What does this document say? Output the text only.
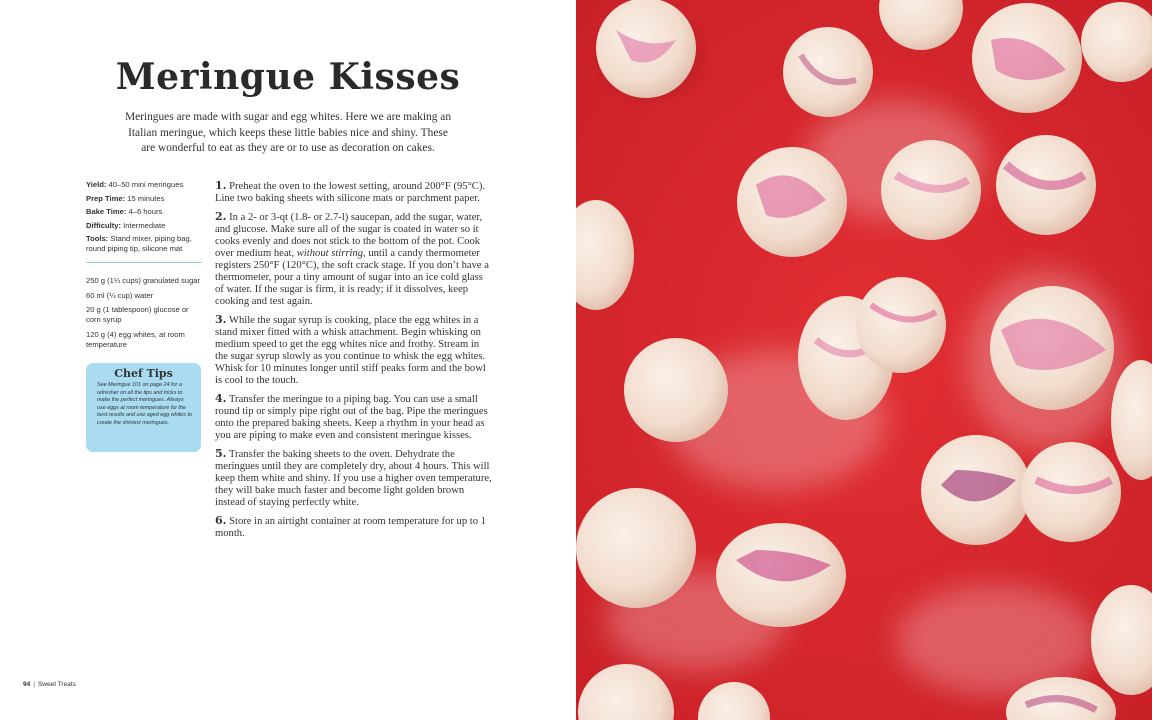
Meringue Kisses

Meringues are made with sugar and egg whites. Here we are making an Italian meringue, which keeps these little babies nice and shiny. These are wonderful to eat as they are or to use as decoration on cakes.

Yield: 40–50 mini meringues
Prep Time: 15 minutes
Bake Time: 4–6 hours
Difficulty: Intermediate
Tools: Stand mixer, piping bag, round piping tip, silicone mat
250 g (1¼ cups) granulated sugar
60 ml (¼ cup) water
20 g (1 tablespoon) glucose or corn syrup
120 g (4) egg whites, at room temperature
Chef Tips
See Meringue 101 on page 24 for a refresher on all the tips and tricks to make the perfect meringues. Always use eggs at room temperature for the best results and use aged egg whites to create the shiniest meringues.

1. Preheat the oven to the lowest setting, around 200°F (95°C). Line two baking sheets with silicone mats or parchment paper.

2. In a 2- or 3-qt (1.8- or 2.7-l) saucepan, add the sugar, water, and glucose. Make sure all of the sugar is coated in water so it cooks evenly and does not stick to the bottom of the pot. Cook over medium heat, without stirring, until a candy thermometer registers 250°F (120°C), the soft crack stage. If you don’t have a thermometer, pour a tiny amount of sugar into an ice cold glass of water. If the sugar is firm, it is ready; if it dissolves, keep cooking and test again.

3. While the sugar syrup is cooking, place the egg whites in a stand mixer fitted with a whisk attachment. Begin whisking on medium speed to get the egg whites nice and frothy. Stream in the sugar syrup slowly as you continue to whisk the egg whites. Whisk for 10 minutes longer until stiff peaks form and the bowl is cool to the touch.

4. Transfer the meringue to a piping bag. You can use a small round tip or simply pipe right out of the bag. Pipe the meringues onto the prepared baking sheets. Keep a rhythm in your head as you are piping to make even and consistent meringue kisses.

5. Transfer the baking sheets to the oven. Dehydrate the meringues until they are completely dry, about 4 hours. This will keep them white and shiny. If you use a higher oven temperature, they will bake much faster and become light golden brown instead of staying perfectly white.

6. Store in an airtight container at room temperature for up to 1 month.

94 | Sweet Treats
